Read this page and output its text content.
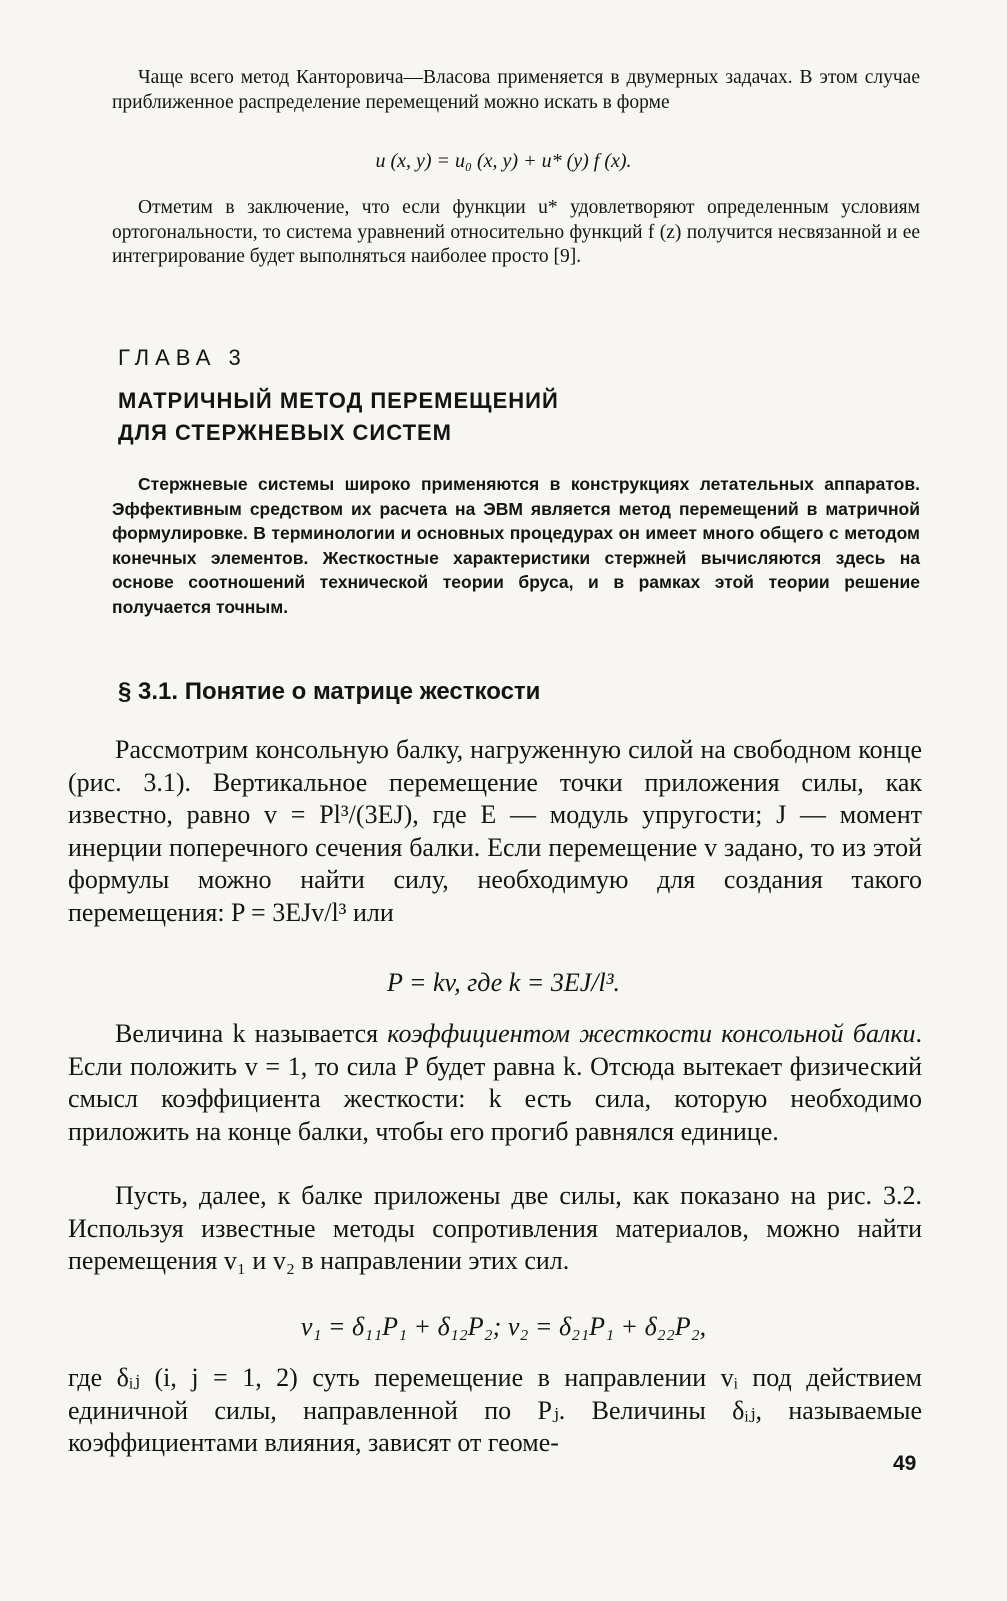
Чаще всего метод Канторовича—Власова применяется в двумерных задачах. В этом случае приближенное распределение перемещений можно искать в форме

u (x, y) = u₀ (x, y) + u* (y) f (x).

Отметим в заключение, что если функции u* удовлетворяют определенным условиям ортогональности, то система уравнений относительно функций f (z) получится несвязанной и ее интегрирование будет выполняться наиболее просто [9].

ГЛАВА 3
МАТРИЧНЫЙ МЕТОД ПЕРЕМЕЩЕНИЙ
ДЛЯ СТЕРЖНЕВЫХ СИСТЕМ

Стержневые системы широко применяются в конструкциях летательных аппаратов. Эффективным средством их расчета на ЭВМ является метод перемещений в матричной формулировке. В терминологии и основных процедурах он имеет много общего с методом конечных элементов. Жесткостные характеристики стержней вычисляются здесь на основе соотношений технической теории бруса, и в рамках этой теории решение получается точным.

§ 3.1. Понятие о матрице жесткости

Рассмотрим консольную балку, нагруженную силой на свободном конце (рис. 3.1). Вертикальное перемещение точки приложения силы, как известно, равно v = Pl³/(3EJ), где E — модуль упругости; J — момент инерции поперечного сечения балки. Если перемещение v задано, то из этой формулы можно найти силу, необходимую для создания такого перемещения: P = 3EJv/l³ или

P = kv, где k = 3EJ/l³.

Величина k называется коэффициентом жесткости консольной балки. Если положить v = 1, то сила P будет равна k. Отсюда вытекает физический смысл коэффициента жесткости: k есть сила, которую необходимо приложить на конце балки, чтобы его прогиб равнялся единице.

Пусть, далее, к балке приложены две силы, как показано на рис. 3.2. Используя известные методы сопротивления материалов, можно найти перемещения v₁ и v₂ в направлении этих сил.

v₁ = δ₁₁P₁ + δ₁₂P₂; v₂ = δ₂₁P₁ + δ₂₂P₂,

где δᵢⱼ (i, j = 1, 2) суть перемещение в направлении vᵢ под действием единичной силы, направленной по Pⱼ. Величины δᵢⱼ, называемые коэффициентами влияния, зависят от геоме-

49
